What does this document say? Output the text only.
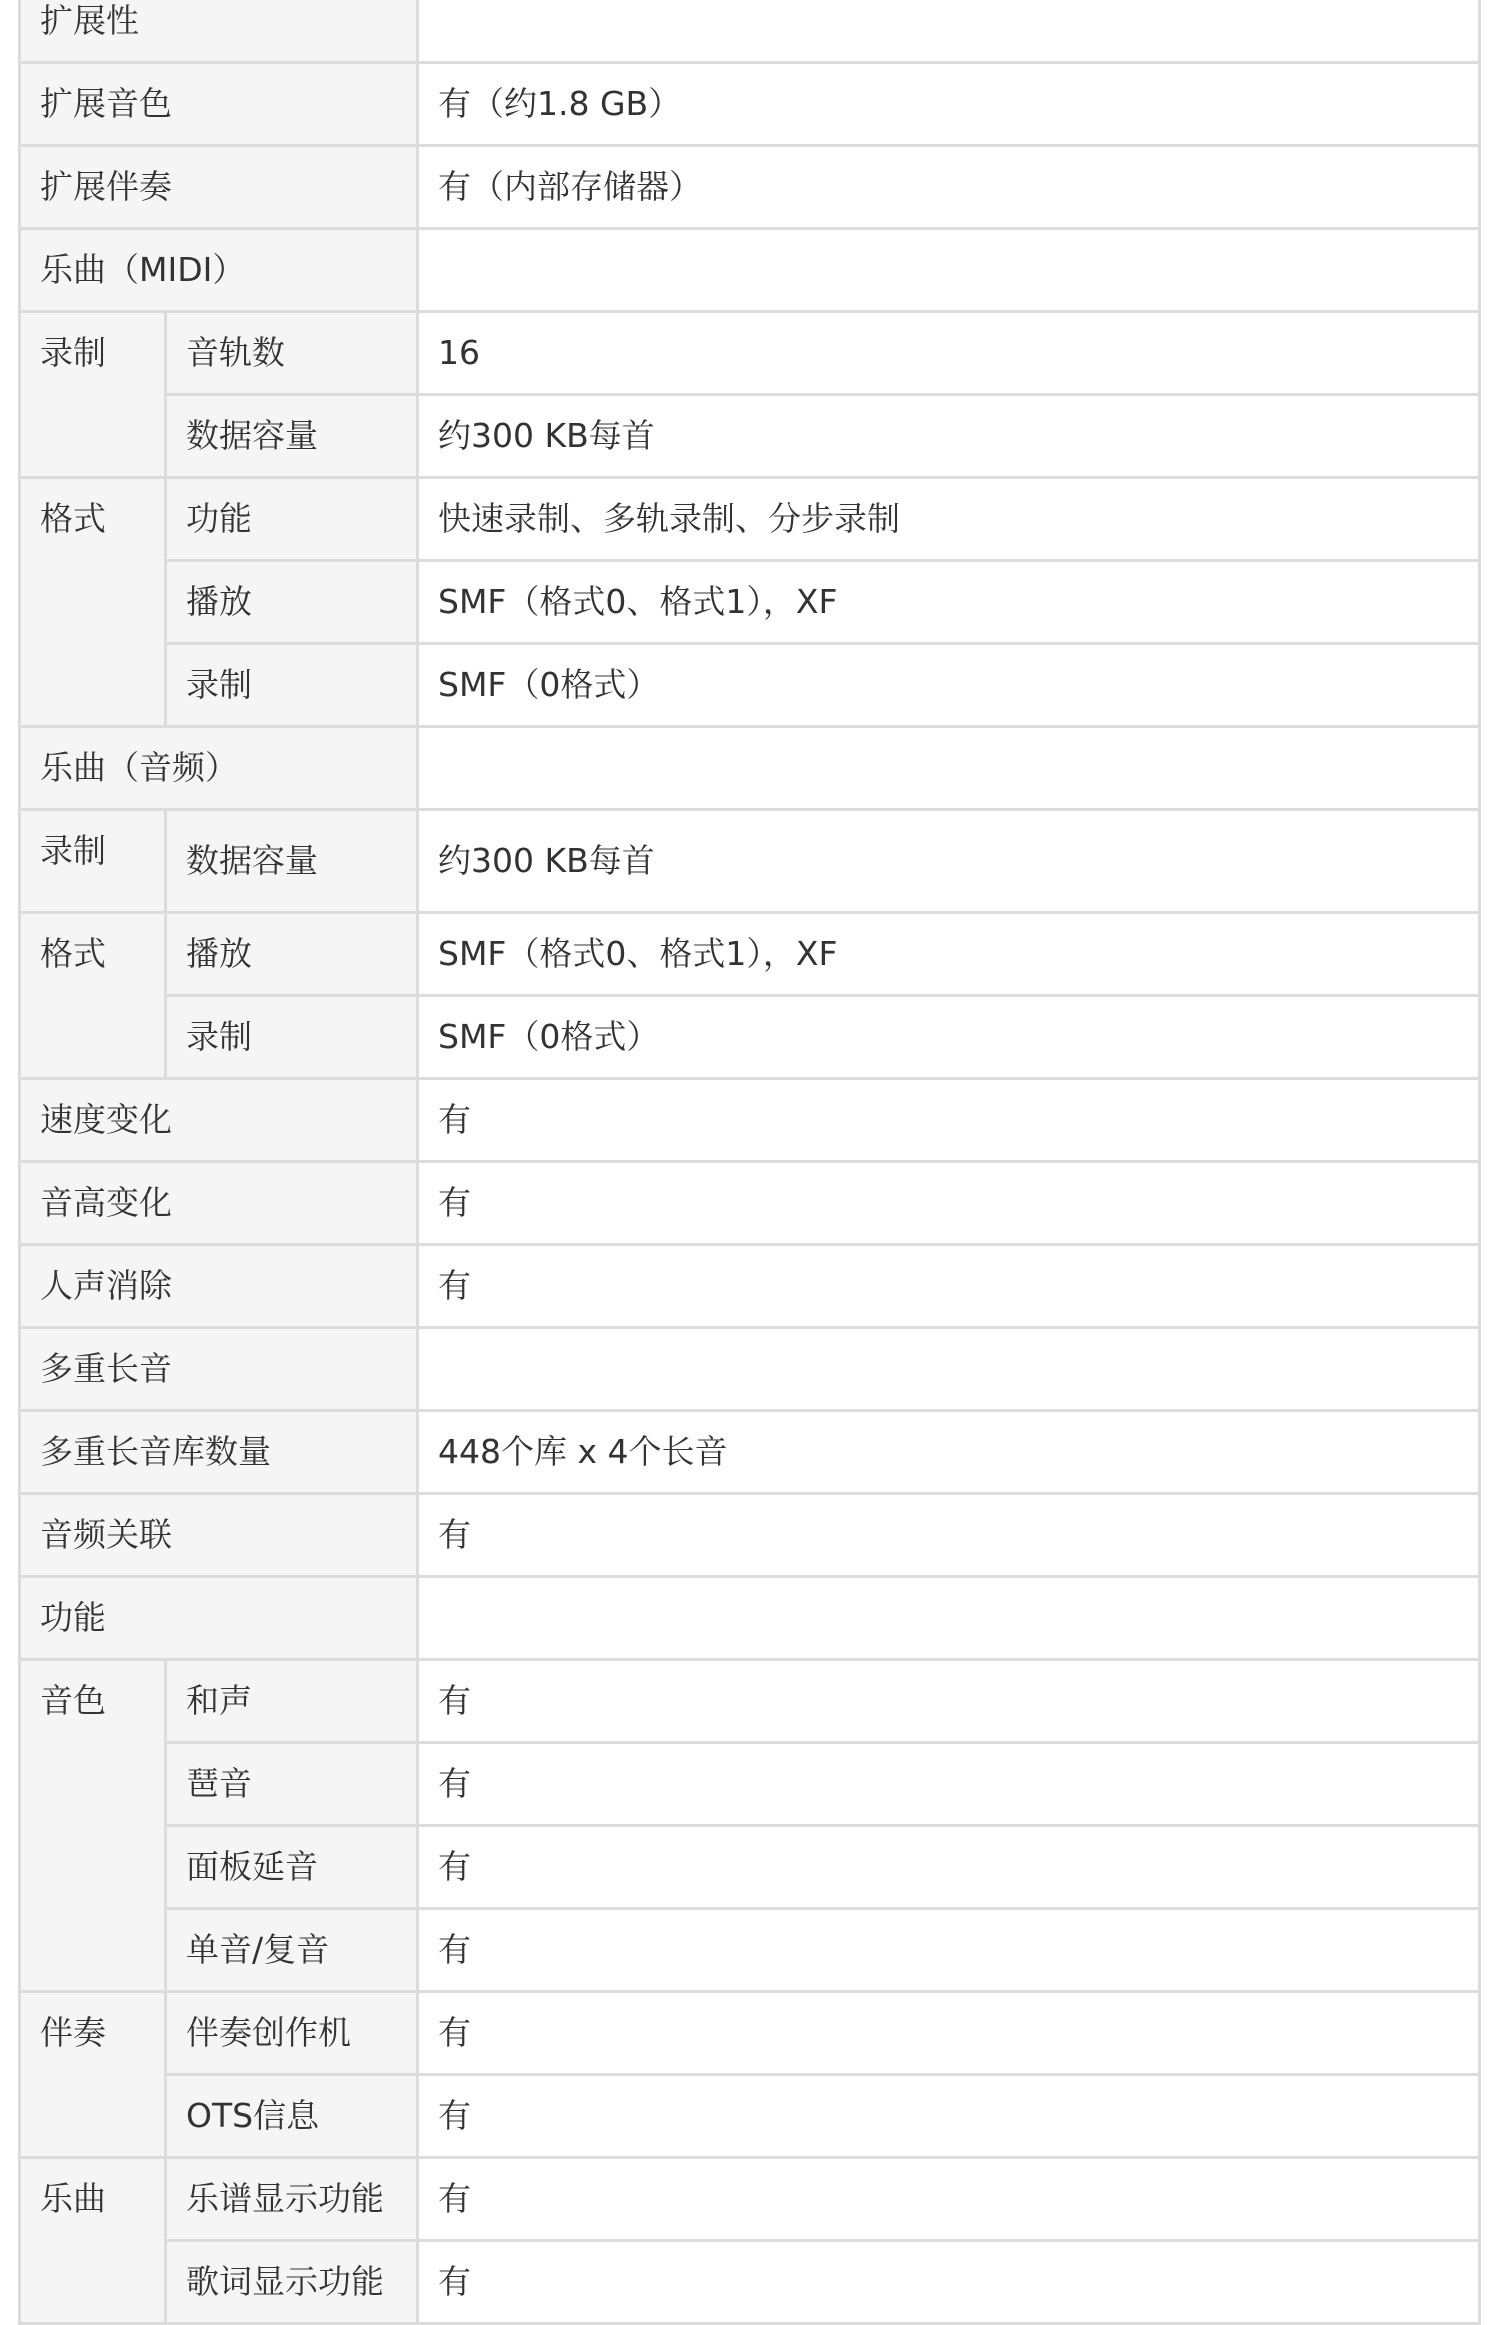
扩展性		
扩展音色		有（约1.8 GB）
扩展伴奏		有（内部存储器）
乐曲（MIDI）		
录制	音轨数	16
	数据容量	约300 KB每首
格式	功能	快速录制、多轨录制、分步录制
	播放	SMF（格式0、格式1），XF
	录制	SMF（0格式）
乐曲（音频）		
录制	数据容量	约300 KB每首
格式	播放	SMF（格式0、格式1），XF
	录制	SMF（0格式）
速度变化		有
音高变化		有
人声消除		有
多重长音		
多重长音库数量		448个库 x 4个长音
音频关联		有
功能		
音色	和声	有
	琶音	有
	面板延音	有
	单音/复音	有
伴奏	伴奏创作机	有
	OTS信息	有
乐曲	乐谱显示功能	有
	歌词显示功能	有
